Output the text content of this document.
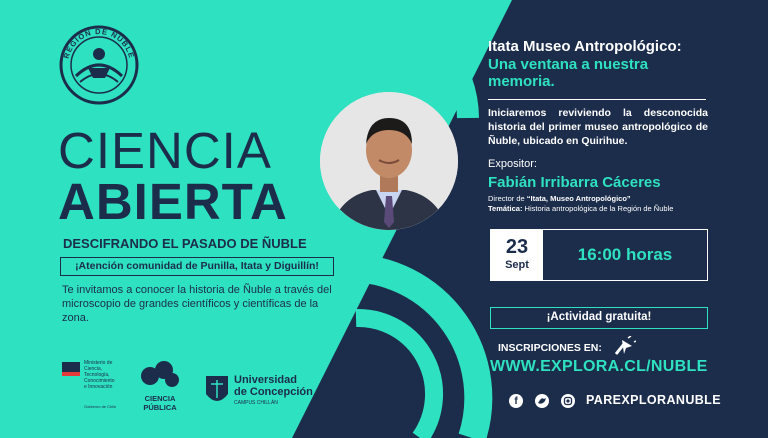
REGIÓN DE ÑUBLE
CIENCIA
ABIERTA
DESCIFRANDO EL PASADO DE ÑUBLE
¡Atención comunidad de Punilla, Itata y Diguillín!
Te invitamos a conocer la historia de Ñuble a través del microscopio de grandes científicos y científicas de la zona.
Ministerio de
Ciencia,
Tecnología,
Conocimiento
e Innovación
Gobierno de Chile
CIENCIA
PÚBLICA
Universidad
de Concepción
CAMPUS CHILLÁN
CHARLA: Itata Museo Antropológico:
Una ventana a nuestra
memoria.
Iniciaremos reviviendo la desconocida historia del primer museo antropológico de Ñuble, ubicado en Quirihue.
Expositor:
Fabián Irribarra Cáceres
Director de “Itata, Museo Antropológico”
Temática: Historia antropológica de la Región de Ñuble
23
Sept
16:00 horas
¡Actividad gratuita!
INSCRIPCIONES EN:
WWW.EXPLORA.CL/NUBLE
f	PAREXPLORANUBLE
